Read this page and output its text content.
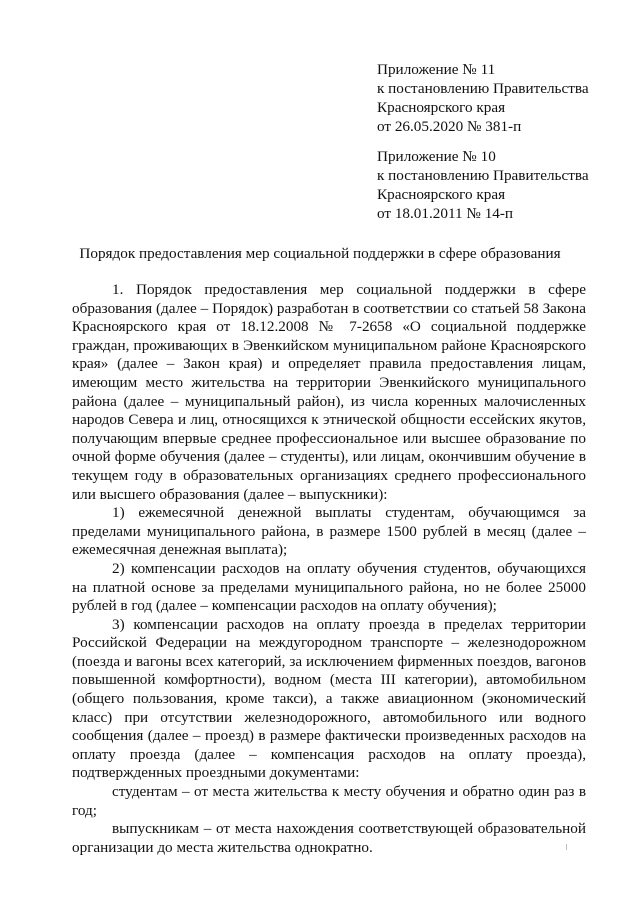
Приложение № 11
к постановлению Правительства
Красноярского края
от 26.05.2020 № 381-п
Приложение № 10
к постановлению Правительства
Красноярского края
от 18.01.2011 № 14-п
Порядок предоставления мер социальной поддержки в сфере образования

1. Порядок предоставления мер социальной поддержки в сфере образования (далее – Порядок) разработан в соответствии со статьей 58 Закона Красноярского края от 18.12.2008 № 7-2658 «О социальной поддержке граждан, проживающих в Эвенкийском муниципальном районе Красноярского края» (далее – Закон края) и определяет правила предоставления лицам, имеющим место жительства на территории Эвенкийского муниципального района (далее – муниципальный район), из числа коренных малочисленных народов Севера и лиц, относящихся к этнической общности ессейских якутов, получающим впервые среднее профессиональное или высшее образование по очной форме обучения (далее – студенты), или лицам, окончившим обучение в текущем году в образовательных организациях среднего профессионального или высшего образования (далее – выпускники):

1) ежемесячной денежной выплаты студентам, обучающимся за пределами муниципального района, в размере 1500 рублей в месяц (далее – ежемесячная денежная выплата);

2) компенсации расходов на оплату обучения студентов, обучающихся на платной основе за пределами муниципального района, но не более 25000 рублей в год (далее – компенсации расходов на оплату обучения);

3) компенсации расходов на оплату проезда в пределах территории Российской Федерации на междугородном транспорте – железнодорожном (поезда и вагоны всех категорий, за исключением фирменных поездов, вагонов повышенной комфортности), водном (места III категории), автомобильном (общего пользования, кроме такси), а также авиационном (экономический класс) при отсутствии железнодорожного, автомобильного или водного сообщения (далее – проезд) в размере фактически произведенных расходов на оплату проезда (далее – компенсация расходов на оплату проезда), подтвержденных проездными документами:

студентам – от места жительства к месту обучения и обратно один раз в год;

выпускникам – от места нахождения соответствующей образовательной организации до места жительства однократно.
